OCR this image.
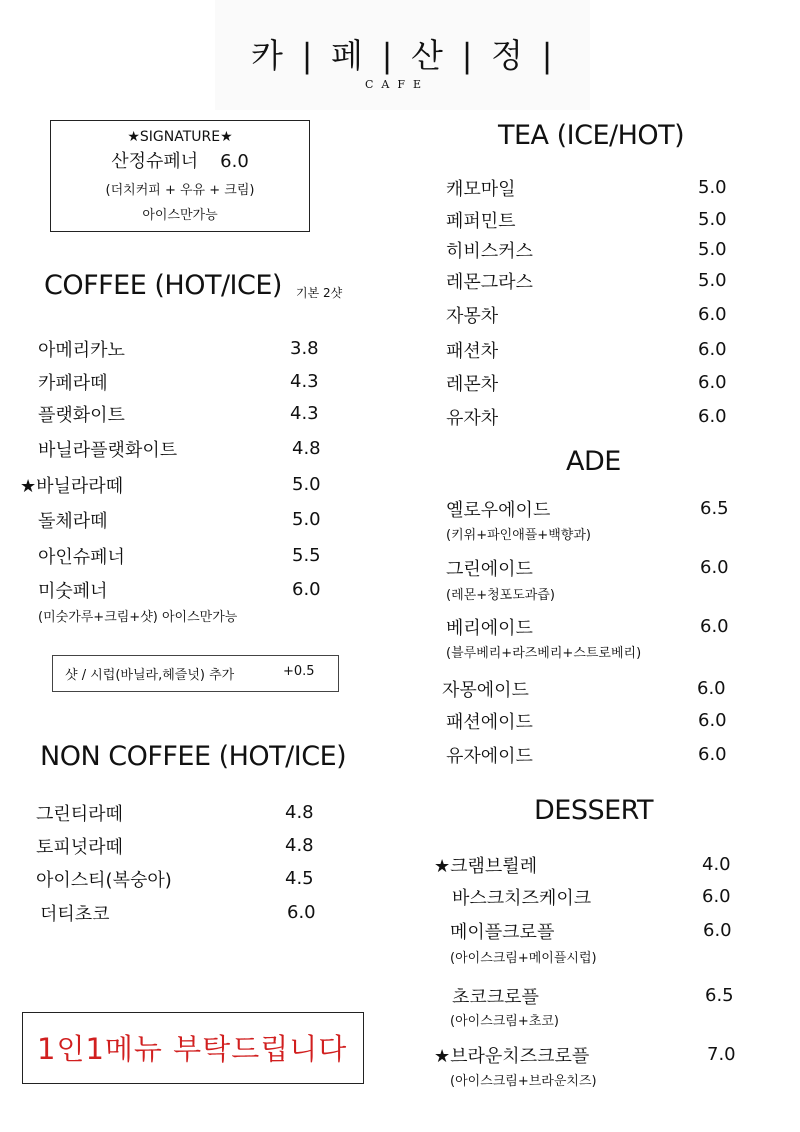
카 | 페 | 산 | 정 |
CAFE
★SIGNATURE★
산정슈페너 6.0
(더치커피 + 우유 + 크림)
아이스만가능
COFFEE (HOT/ICE) 기본 2샷
아메리카노	3.8
카페라떼	4.3
플랫화이트	4.3
바닐라플랫화이트	4.8
★바닐라라떼	5.0
돌체라떼	5.0
아인슈페너	5.5
미숫페너	6.0
(미숫가루+크림+샷) 아이스만가능
샷 / 시럽(바닐라,헤즐넛) 추가	+0.5
NON COFFEE (HOT/ICE)
그린티라떼	4.8
토피넛라떼	4.8
아이스티(복숭아)	4.5
더티초코	6.0
1인1메뉴 부탁드립니다
TEA (ICE/HOT)
캐모마일	5.0
페퍼민트	5.0
히비스커스	5.0
레몬그라스	5.0
자몽차	6.0
패션차	6.0
레몬차	6.0
유자차	6.0
ADE
옐로우에이드	6.5
(키위+파인애플+백향과)
그린에이드	6.0
(레몬+청포도과즙)
베리에이드	6.0
(블루베리+라즈베리+스트로베리)
자몽에이드	6.0
패션에이드	6.0
유자에이드	6.0
DESSERT
★크램브륄레	4.0
바스크치즈케이크	6.0
메이플크로플	6.0
(아이스크림+메이플시럽)
초코크로플	6.5
(아이스크림+초코)
★브라운치즈크로플	7.0
(아이스크림+브라운치즈)
